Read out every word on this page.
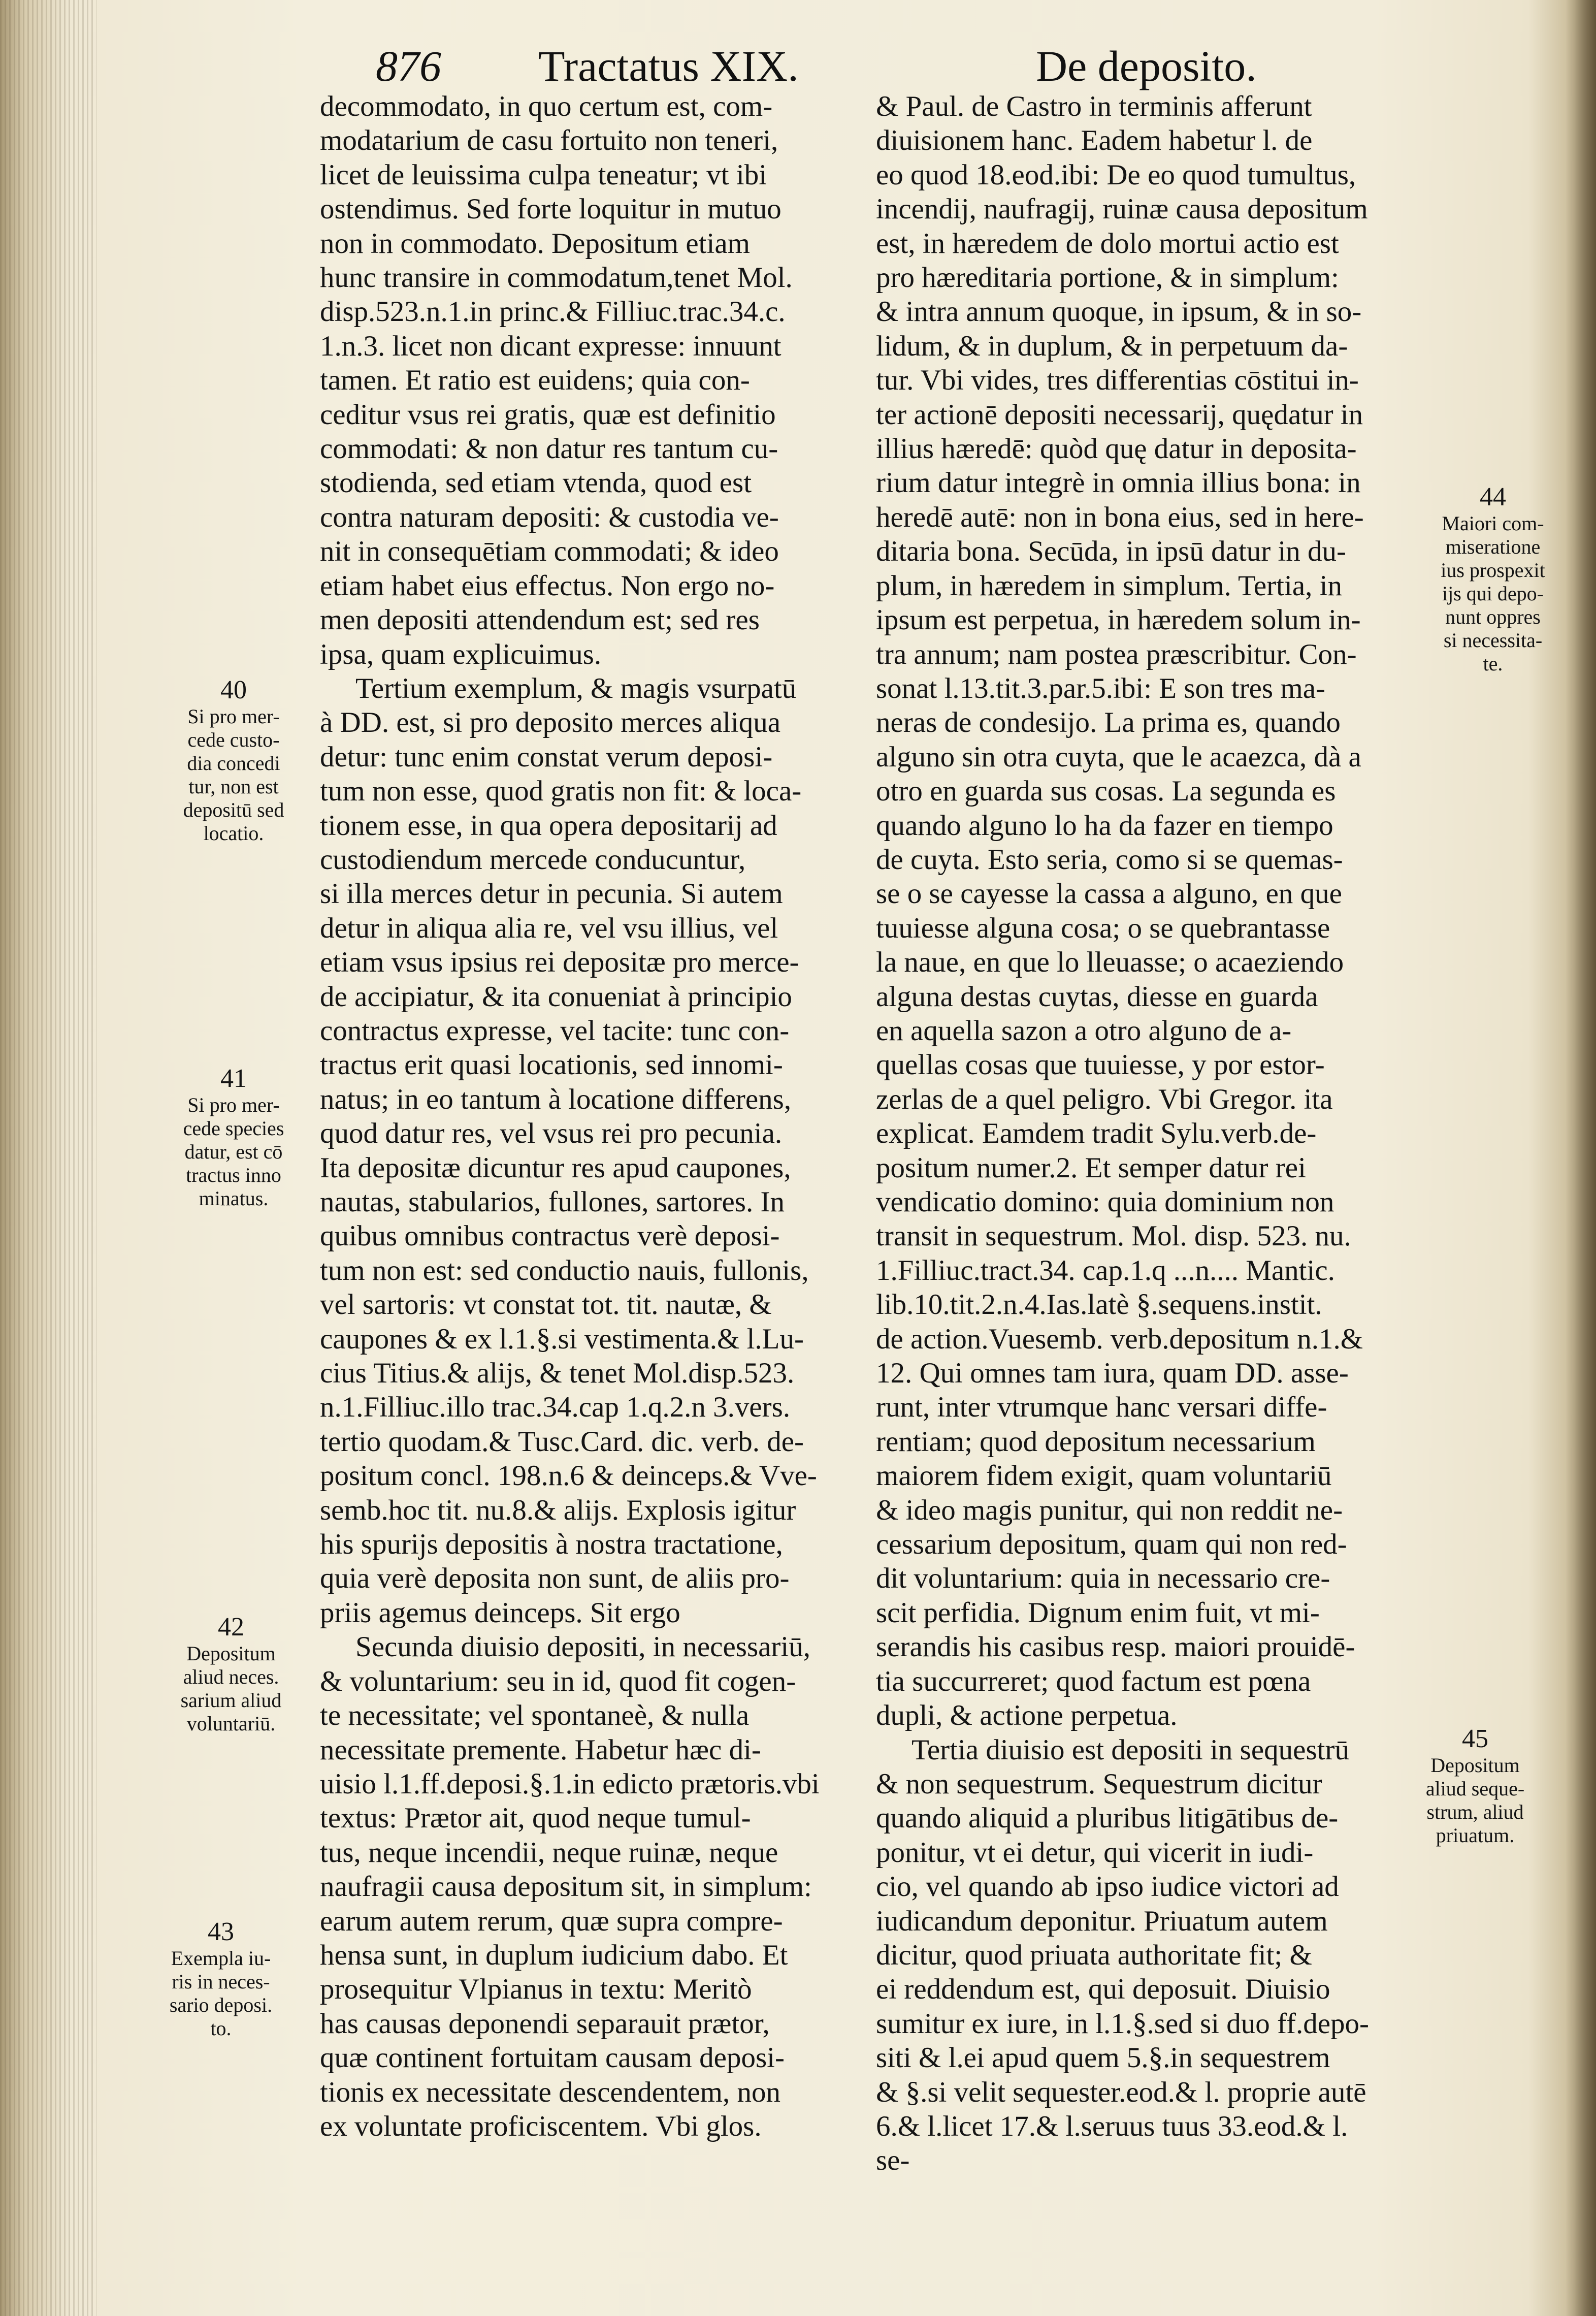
876 Tractatus XIX.	De deposito.
decommodato, in quo certum est, com-
modatarium de casu fortuito non teneri,
licet de leuissima culpa teneatur; vt ibi
ostendimus. Sed forte loquitur in mutuo
non in commodato. Depositum etiam
hunc transire in commodatum,tenet Mol.
disp.523.n.1.in princ.& Filliuc.trac.34.c.
1.n.3. licet non dicant expresse: innuunt
tamen. Et ratio est euidens; quia con-
ceditur vsus rei gratis, quæ est definitio
commodati: & non datur res tantum cu-
stodienda, sed etiam vtenda, quod est
contra naturam depositi: & custodia ve-
nit in consequētiam commodati; & ideo
etiam habet eius effectus. Non ergo no-
men depositi attendendum est; sed res
ipsa, quam explicuimus.
Tertium exemplum, & magis vsurpatū
à DD. est, si pro deposito merces aliqua
detur: tunc enim constat verum deposi-
tum non esse, quod gratis non fit: & loca-
tionem esse, in qua opera depositarij ad
custodiendum mercede conducuntur,
si illa merces detur in pecunia. Si autem
detur in aliqua alia re, vel vsu illius, vel
etiam vsus ipsius rei depositæ pro merce-
de accipiatur, & ita conueniat à principio
contractus expresse, vel tacite: tunc con-
tractus erit quasi locationis, sed innomi-
natus; in eo tantum à locatione differens,
quod datur res, vel vsus rei pro pecunia.
Ita depositæ dicuntur res apud caupones,
nautas, stabularios, fullones, sartores. In
quibus omnibus contractus verè deposi-
tum non est: sed conductio nauis, fullonis,
vel sartoris: vt constat tot. tit. nautæ, &
caupones & ex l.1.§.si vestimenta.& l.Lu-
cius Titius.& alijs, & tenet Mol.disp.523.
n.1.Filliuc.illo trac.34.cap 1.q.2.n 3.vers.
tertio quodam.& Tusc.Card. dic. verb. de-
positum concl. 198.n.6 & deinceps.& Vve-
semb.hoc tit. nu.8.& alijs. Explosis igitur
his spurijs depositis à nostra tractatione,
quia verè deposita non sunt, de aliis pro-
priis agemus deinceps. Sit ergo
Secunda diuisio depositi, in necessariū,
& voluntarium: seu in id, quod fit cogen-
te necessitate; vel spontaneè, & nulla
necessitate premente. Habetur hæc di-
uisio l.1.ff.deposi.§.1.in edicto prætoris.vbi
textus: Prætor ait, quod neque tumul-
tus, neque incendii, neque ruinæ, neque
naufragii causa depositum sit, in simplum:
earum autem rerum, quæ supra compre-
hensa sunt, in duplum iudicium dabo. Et
prosequitur Vlpianus in textu: Meritò
has causas deponendi separauit prætor,
quæ continent fortuitam causam deposi-
tionis ex necessitate descendentem, non
ex voluntate proficiscentem. Vbi glos.
& Paul. de Castro in terminis afferunt
diuisionem hanc. Eadem habetur l. de
eo quod 18.eod.ibi: De eo quod tumultus,
incendij, naufragij, ruinæ causa depositum
est, in hæredem de dolo mortui actio est
pro hæreditaria portione, & in simplum:
& intra annum quoque, in ipsum, & in so-
lidum, & in duplum, & in perpetuum da-
tur. Vbi vides, tres differentias cōstitui in-
ter actionē depositi necessarij, quędatur in
illius hæredē: quòd quę datur in deposita-
rium datur integrè in omnia illius bona: in
heredē autē: non in bona eius, sed in here-
ditaria bona. Secūda, in ipsū datur in du-
plum, in hæredem in simplum. Tertia, in
ipsum est perpetua, in hæredem solum in-
tra annum; nam postea præscribitur. Con-
sonat l.13.tit.3.par.5.ibi: E son tres ma-
neras de condesijo. La prima es, quando
alguno sin otra cuyta, que le acaezca, dà a
otro en guarda sus cosas. La segunda es
quando alguno lo ha da fazer en tiempo
de cuyta. Esto seria, como si se quemas-
se o se cayesse la cassa a alguno, en que
tuuiesse alguna cosa; o se quebrantasse
la naue, en que lo lleuasse; o acaeziendo
alguna destas cuytas, diesse en guarda
en aquella sazon a otro alguno de a-
quellas cosas que tuuiesse, y por estor-
zerlas de a quel peligro. Vbi Gregor. ita
explicat. Eamdem tradit Sylu.verb.de-
positum numer.2. Et semper datur rei
vendicatio domino: quia dominium non
transit in sequestrum. Mol. disp. 523. nu.
1.Filliuc.tract.34. cap.1.q ...n.... Mantic.
lib.10.tit.2.n.4.Ias.latè §.sequens.instit.
de action.Vuesemb. verb.depositum n.1.&
12. Qui omnes tam iura, quam DD. asse-
runt, inter vtrumque hanc versari diffe-
rentiam; quod depositum necessarium
maiorem fidem exigit, quam voluntariū
& ideo magis punitur, qui non reddit ne-
cessarium depositum, quam qui non red-
dit voluntarium: quia in necessario cre-
scit perfidia. Dignum enim fuit, vt mi-
serandis his casibus resp. maiori prouidē-
tia succurreret; quod factum est pœna
dupli, & actione perpetua.
Tertia diuisio est depositi in sequestrū
& non sequestrum. Sequestrum dicitur
quando aliquid a pluribus litigātibus de-
ponitur, vt ei detur, qui vicerit in iudi-
cio, vel quando ab ipso iudice victori ad
iudicandum deponitur. Priuatum autem
dicitur, quod priuata authoritate fit; &
ei reddendum est, qui deposuit. Diuisio
sumitur ex iure, in l.1.§.sed si duo ff.depo-
siti & l.ei apud quem 5.§.in sequestrem
& §.si velit sequester.eod.& l. proprie autē
6.& l.licet 17.& l.seruus tuus 33.eod.& l.
se-
40
Si pro mer-
cede custo-
dia concedi
tur, non est
depositū sed
locatio.
41
Si pro mer-
cede species
datur, est cō
tractus inno
minatus.
42
Depositum
aliud neces.
sarium aliud
voluntariū.
43
Exempla iu-
ris in neces-
sario deposi.
to.
44
Maiori com-
miseratione
ius prospexit
ijs qui depo-
nunt oppres
si necessita-
te.
45
Depositum
aliud seque-
strum, aliud
priuatum.
